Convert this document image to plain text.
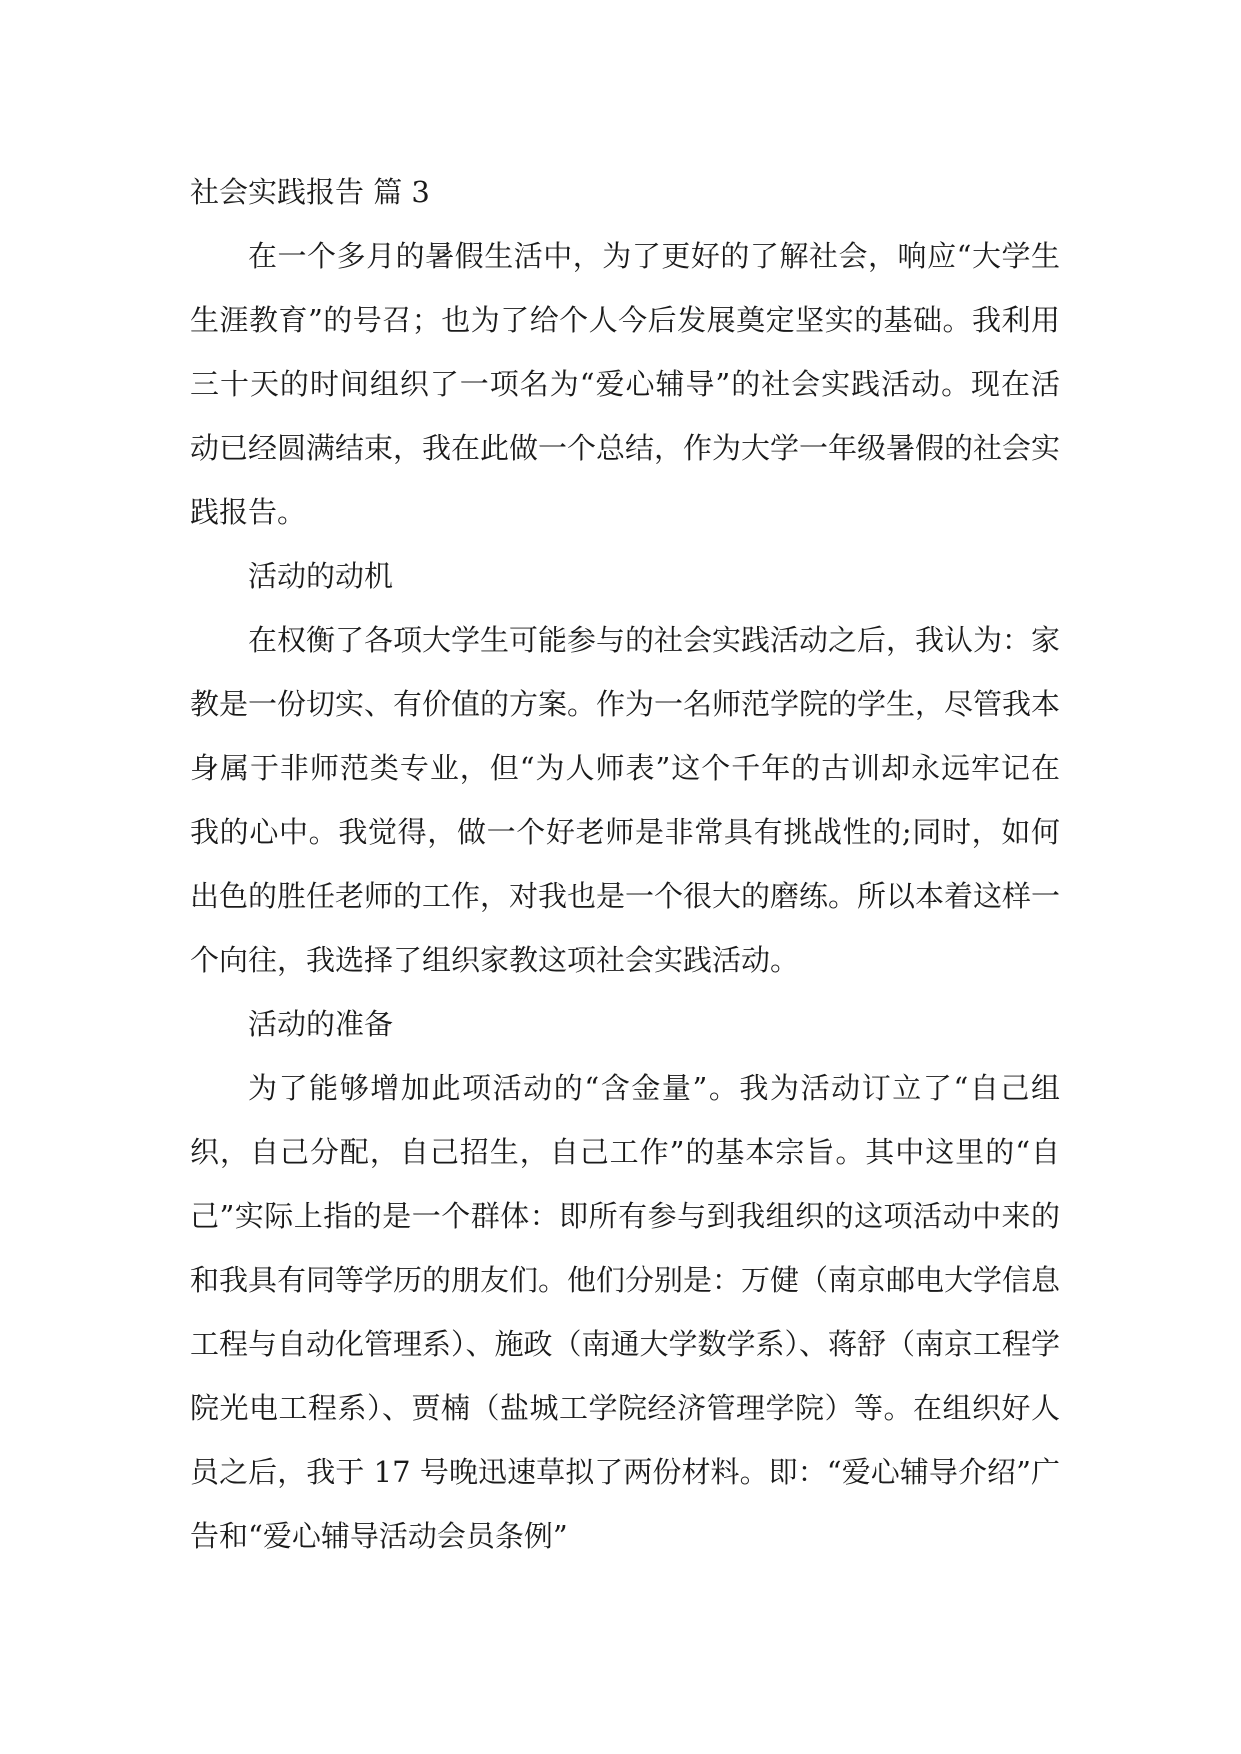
社会实践报告 篇 3

在一个多月的暑假生活中，为了更好的了解社会，响应“大学生生涯教育”的号召；也为了给个人今后发展奠定坚实的基础。我利用三十天的时间组织了一项名为“爱心辅导”的社会实践活动。现在活动已经圆满结束，我在此做一个总结，作为大学一年级暑假的社会实践报告。

活动的动机

在权衡了各项大学生可能参与的社会实践活动之后，我认为：家教是一份切实、有价值的方案。作为一名师范学院的学生，尽管我本身属于非师范类专业，但“为人师表”这个千年的古训却永远牢记在我的心中。我觉得，做一个好老师是非常具有挑战性的;同时，如何出色的胜任老师的工作，对我也是一个很大的磨练。所以本着这样一个向往，我选择了组织家教这项社会实践活动。

活动的准备

为了能够增加此项活动的“含金量”。我为活动订立了“自己组织，自己分配，自己招生，自己工作”的基本宗旨。其中这里的“自己”实际上指的是一个群体：即所有参与到我组织的这项活动中来的和我具有同等学历的朋友们。他们分别是：万健（南京邮电大学信息工程与自动化管理系）、施政（南通大学数学系）、蒋舒（南京工程学院光电工程系）、贾楠（盐城工学院经济管理学院）等。在组织好人员之后，我于 17 号晚迅速草拟了两份材料。即：“爱心辅导介绍”广告和“爱心辅导活动会员条例”
